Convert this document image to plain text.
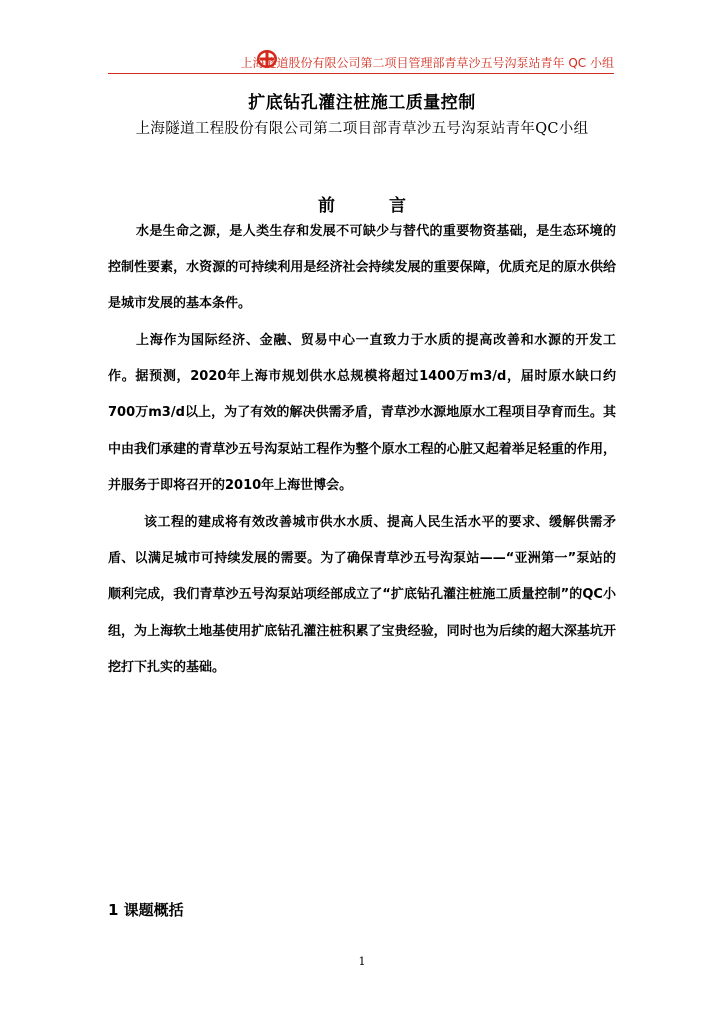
上海隧道股份有限公司第二项目管理部青草沙五号沟泵站青年 QC 小组
扩底钻孔灌注桩施工质量控制
上海隧道工程股份有限公司第二项目部青草沙五号沟泵站青年QC小组
前 言
水是生命之源，是人类生存和发展不可缺少与替代的重要物资基础，是生态环境的控制性要素，水资源的可持续利用是经济社会持续发展的重要保障，优质充足的原水供给是城市发展的基本条件。
上海作为国际经济、金融、贸易中心一直致力于水质的提高改善和水源的开发工作。据预测，2020年上海市规划供水总规模将超过1400万m3/d，届时原水缺口约700万m3/d以上，为了有效的解决供需矛盾，青草沙水源地原水工程项目孕育而生。其中由我们承建的青草沙五号沟泵站工程作为整个原水工程的心脏又起着举足轻重的作用，并服务于即将召开的2010年上海世博会。
该工程的建成将有效改善城市供水水质、提高人民生活水平的要求、缓解供需矛盾、以满足城市可持续发展的需要。为了确保青草沙五号沟泵站——“亚洲第一”泵站的顺利完成，我们青草沙五号沟泵站项经部成立了“扩底钻孔灌注桩施工质量控制”的QC小组，为上海软土地基使用扩底钻孔灌注桩积累了宝贵经验，同时也为后续的超大深基坑开挖打下扎实的基础。
1 课题概括
1
